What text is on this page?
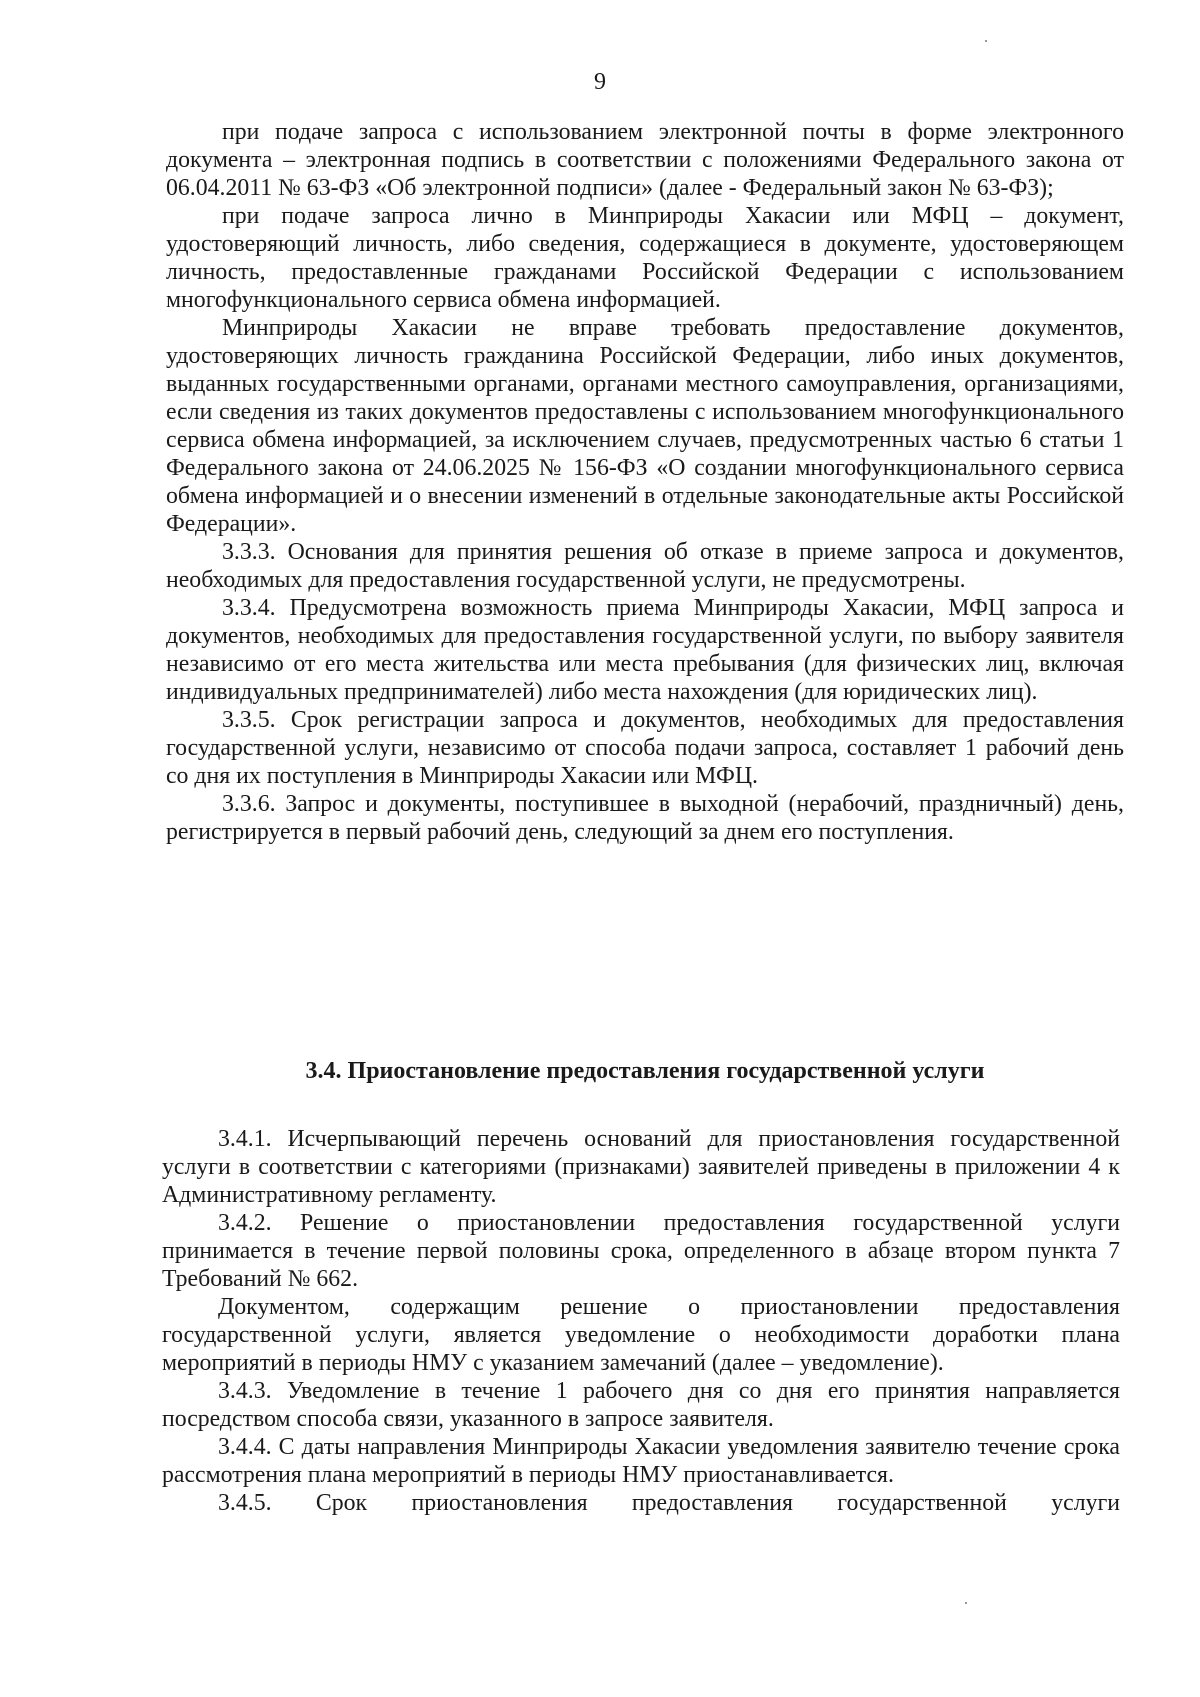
9

при подаче запроса с использованием электронной почты в форме электронного документа – электронная подпись в соответствии с положениями Федерального закона от 06.04.2011 № 63-ФЗ «Об электронной подписи» (далее - Федеральный закон № 63-ФЗ);

при подаче запроса лично в Минприроды Хакасии или МФЦ – документ, удостоверяющий личность, либо сведения, содержащиеся в документе, удостоверяющем личность, предоставленные гражданами Российской Федерации с использованием многофункционального сервиса обмена информацией.

Минприроды Хакасии не вправе требовать предоставление документов, удостоверяющих личность гражданина Российской Федерации, либо иных документов, выданных государственными органами, органами местного самоуправления, организациями, если сведения из таких документов предоставлены с использованием многофункционального сервиса обмена информацией, за исключением случаев, предусмотренных частью 6 статьи 1 Федерального закона от 24.06.2025 № 156-ФЗ «О создании многофункционального сервиса обмена информацией и о внесении изменений в отдельные законодательные акты Российской Федерации».

3.3.3. Основания для принятия решения об отказе в приеме запроса и документов, необходимых для предоставления государственной услуги, не предусмотрены.

3.3.4. Предусмотрена возможность приема Минприроды Хакасии, МФЦ запроса и документов, необходимых для предоставления государственной услуги, по выбору заявителя независимо от его места жительства или места пребывания (для физических лиц, включая индивидуальных предпринимателей) либо места нахождения (для юридических лиц).

3.3.5. Срок регистрации запроса и документов, необходимых для предоставления государственной услуги, независимо от способа подачи запроса, составляет 1 рабочий день со дня их поступления в Минприроды Хакасии или МФЦ.

3.3.6. Запрос и документы, поступившее в выходной (нерабочий, праздничный) день, регистрируется в первый рабочий день, следующий за днем его поступления.

3.4. Приостановление предоставления государственной услуги

3.4.1. Исчерпывающий перечень оснований для приостановления государственной услуги в соответствии с категориями (признаками) заявителей приведены в приложении 4 к Административному регламенту.

3.4.2. Решение о приостановлении предоставления государственной услуги принимается в течение первой половины срока, определенного в абзаце втором пункта 7 Требований № 662.

Документом, содержащим решение о приостановлении предоставления государственной услуги, является уведомление о необходимости доработки плана мероприятий в периоды НМУ с указанием замечаний (далее – уведомление).

3.4.3. Уведомление в течение 1 рабочего дня со дня его принятия направляется посредством способа связи, указанного в запросе заявителя.

3.4.4. С даты направления Минприроды Хакасии уведомления заявителю течение срока рассмотрения плана мероприятий в периоды НМУ приостанавливается.

3.4.5. Срок приостановления предоставления государственной услуги
